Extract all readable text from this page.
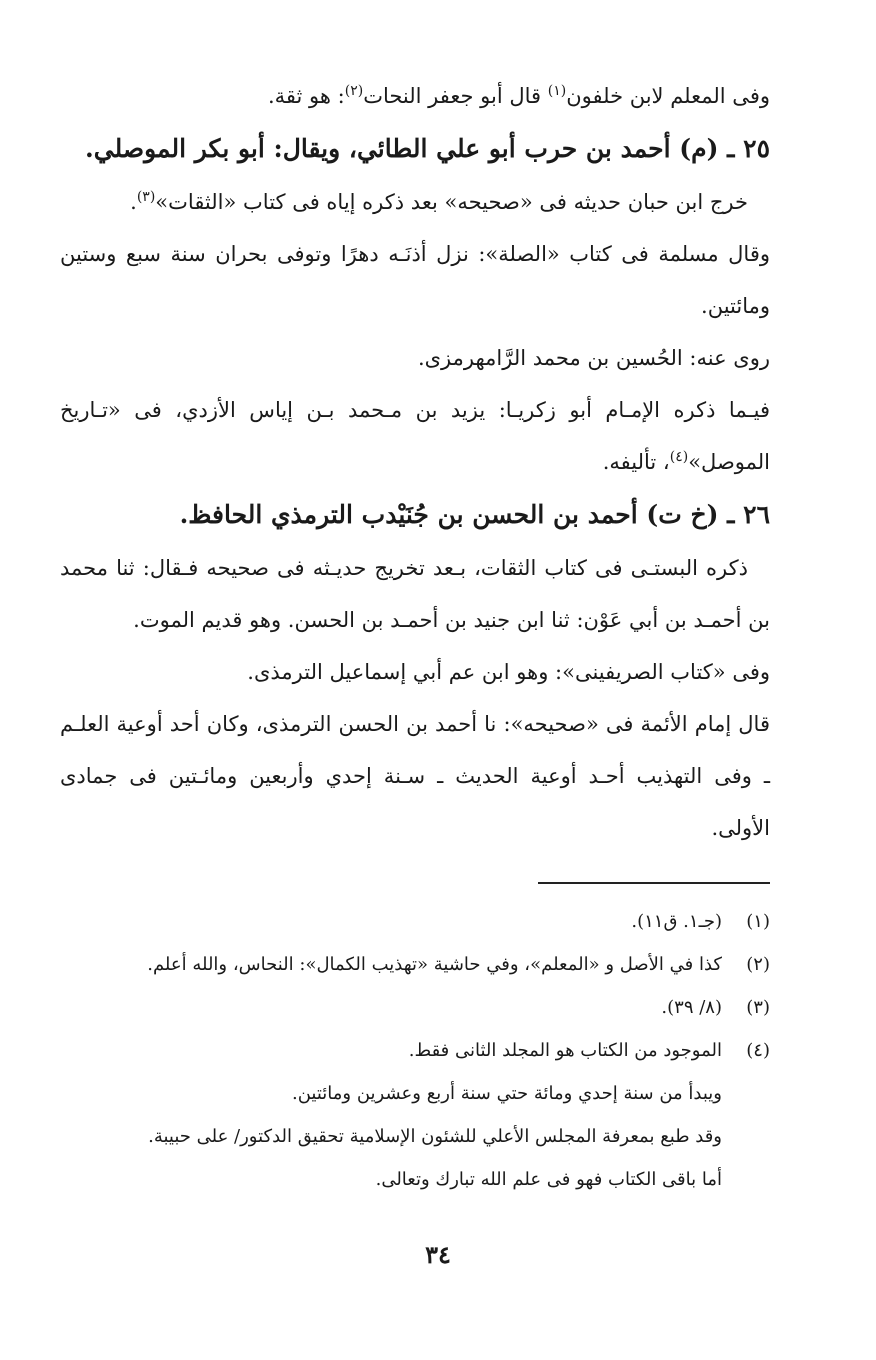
وفى المعلم لابن خلفون$^{(١)}$ قال أبو جعفر النحات$^{(٢)}$: هو ثقة.

٢٥ ـ (م) أحمد بن حرب أبو علي الطائي، ويقال: أبو بكر الموصلي.

خرج ابن حبان حديثه فى «صحيحه» بعد ذكره إياه فى كتاب «الثقات»$^{(٣)}$.

وقال مسلمة فى كتاب «الصلة»: نزل أذنَـه دهرًا وتوفى بحران سنة سبع وستين ومائتين.

روى عنه: الحُسين بن محمد الرَّامهرمزى.

فيـما ذكره الإمـام أبو زكريـا: يزيد بن مـحمد بـن إياس الأزدي، فى «تـاريخ الموصل»$^{(٤)}$، تأليفه.

٢٦ ـ (خ ت) أحمد بن الحسن بن جُنَيْدب الترمذي الحافظ.

ذكره البستـى فى كتاب الثقات، بـعد تخريج حديـثه فى صحيحه فـقال: ثنا محمد بن أحمـد بن أبي عَوْن: ثنا ابن جنيد بن أحمـد بن الحسن. وهو قديم الموت.

وفى «كتاب الصريفينى»: وهو ابن عم أبي إسماعيل الترمذى.

قال إمام الأئمة فى «صحيحه»: نا أحمد بن الحسن الترمذى، وكان أحد أوعية العلـم ـ وفى التهذيب أحـد أوعية الحديث ـ سـنة إحدي وأربعين ومائـتين فى جمادى الأولى.

(١)
(جـ١. ق١١).

(٢)
كذا في الأصل و «المعلم»، وفي حاشية «تهذيب الكمال»: النحاس، والله أعلم.

(٣)
(٨/ ٣٩).

(٤)
الموجود من الكتاب هو المجلد الثانى فقط.

ويبدأ من سنة إحدي ومائة حتي سنة أربع وعشرين ومائتين.

وقد طبع بمعرفة المجلس الأعلي للشئون الإسلامية تحقيق الدكتور/ على حبيبة.

أما باقى الكتاب فهو فى علم الله تبارك وتعالى.

٣٤
